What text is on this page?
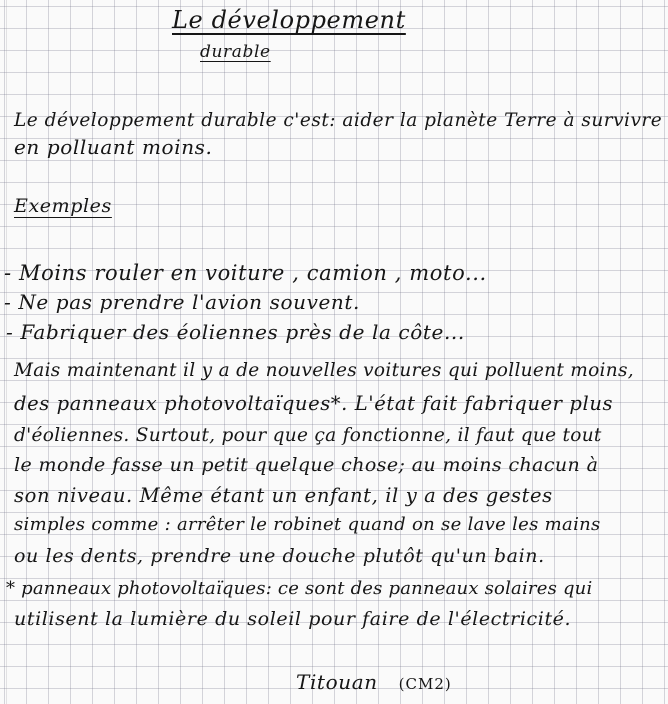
Le développement
durable
Le développement durable c'est: aider la planète Terre à survivre
en polluant moins.
Exemples
- Moins rouler en voiture , camion , moto...
- Ne pas prendre l'avion souvent.
- Fabriquer des éoliennes près de la côte...
Mais maintenant il y a de nouvelles voitures qui polluent moins,
des panneaux photovoltaïques*. L'état fait fabriquer plus
d'éoliennes. Surtout, pour que ça fonctionne, il faut que tout
le monde fasse un petit quelque chose; au moins chacun à
son niveau. Même étant un enfant, il y a des gestes
simples comme : arrêter le robinet quand on se lave les mains
ou les dents, prendre une douche plutôt qu'un bain.
* panneaux photovoltaïques: ce sont des panneaux solaires qui
utilisent la lumière du soleil pour faire de l'électricité.
Titouan (CM2)
